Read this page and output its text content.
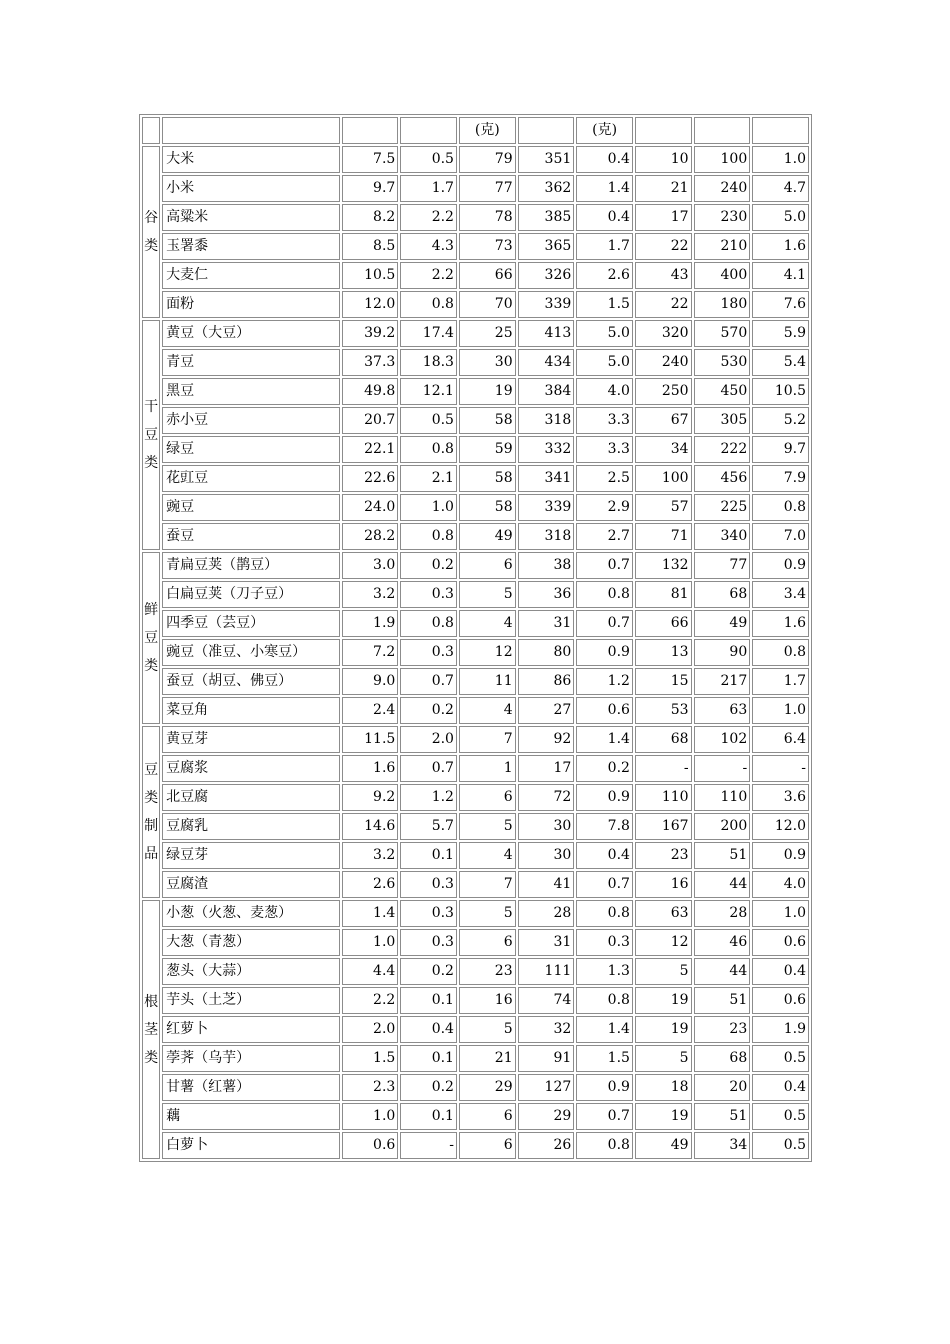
				(克)		(克)			

谷
类	大米	7.5	0.5	79	351	0.4	10	100	1.0
	小米	9.7	1.7	77	362	1.4	21	240	4.7
	高粱米	8.2	2.2	78	385	0.4	17	230	5.0
	玉署黍	8.5	4.3	73	365	1.7	22	210	1.6
	大麦仁	10.5	2.2	66	326	2.6	43	400	4.1
	面粉	12.0	0.8	70	339	1.5	22	180	7.6

干
豆
类	黄豆（大豆）	39.2	17.4	25	413	5.0	320	570	5.9
	青豆	37.3	18.3	30	434	5.0	240	530	5.4
	黑豆	49.8	12.1	19	384	4.0	250	450	10.5
	赤小豆	20.7	0.5	58	318	3.3	67	305	5.2
	绿豆	22.1	0.8	59	332	3.3	34	222	9.7
	花豇豆	22.6	2.1	58	341	2.5	100	456	7.9
	豌豆	24.0	1.0	58	339	2.9	57	225	0.8
	蚕豆	28.2	0.8	49	318	2.7	71	340	7.0

鲜
豆
类	青扁豆荚（鹊豆）	3.0	0.2	6	38	0.7	132	77	0.9
	白扁豆荚（刀子豆）	3.2	0.3	5	36	0.8	81	68	3.4
	四季豆（芸豆）	1.9	0.8	4	31	0.7	66	49	1.6
	豌豆（准豆、小寒豆）	7.2	0.3	12	80	0.9	13	90	0.8
	蚕豆（胡豆、佛豆）	9.0	0.7	11	86	1.2	15	217	1.7
	菜豆角	2.4	0.2	4	27	0.6	53	63	1.0

豆
类
制
品	黄豆芽	11.5	2.0	7	92	1.4	68	102	6.4
	豆腐浆	1.6	0.7	1	17	0.2	-	-	-
	北豆腐	9.2	1.2	6	72	0.9	110	110	3.6
	豆腐乳	14.6	5.7	5	30	7.8	167	200	12.0
	绿豆芽	3.2	0.1	4	30	0.4	23	51	0.9
	豆腐渣	2.6	0.3	7	41	0.7	16	44	4.0

根
茎
类	小葱（火葱、麦葱）	1.4	0.3	5	28	0.8	63	28	1.0
	大葱（青葱）	1.0	0.3	6	31	0.3	12	46	0.6
	葱头（大蒜）	4.4	0.2	23	111	1.3	5	44	0.4
	芋头（土芝）	2.2	0.1	16	74	0.8	19	51	0.6
	红萝卜	2.0	0.4	5	32	1.4	19	23	1.9
	荸荠（乌芋）	1.5	0.1	21	91	1.5	5	68	0.5
	甘薯（红薯）	2.3	0.2	29	127	0.9	18	20	0.4
	藕	1.0	0.1	6	29	0.7	19	51	0.5
	白萝卜	0.6	-	6	26	0.8	49	34	0.5
